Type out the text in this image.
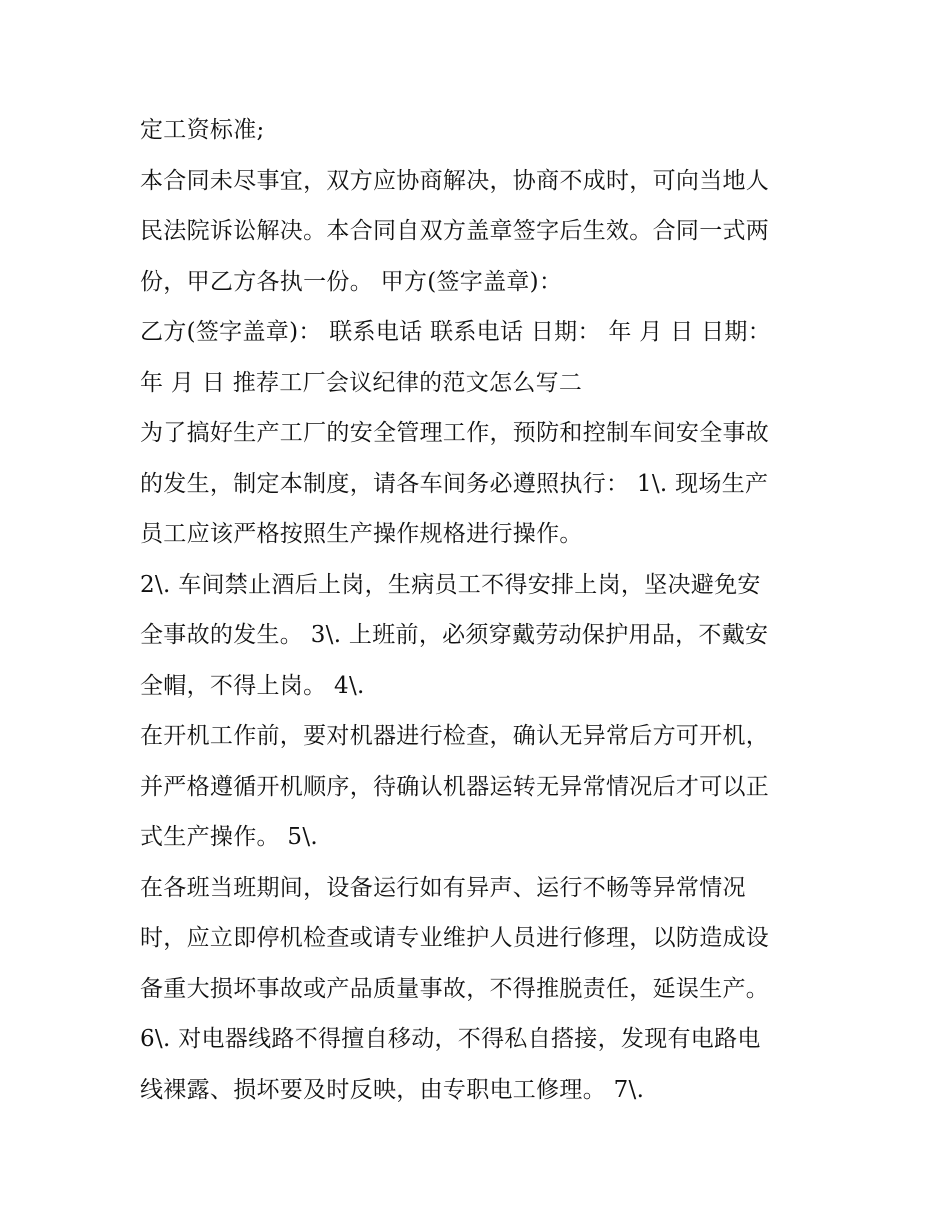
定工资标准;
本合同未尽事宜，双方应协商解决，协商不成时，可向当地人
民法院诉讼解决。本合同自双方盖章签字后生效。合同一式两
份，甲乙方各执一份。 甲方(签字盖章)：
乙方(签字盖章)： 联系电话 联系电话 日期： 年 月 日 日期：
年 月 日 推荐工厂会议纪律的范文怎么写二
为了搞好生产工厂的安全管理工作，预防和控制车间安全事故
的发生，制定本制度，请各车间务必遵照执行： 1\. 现场生产
员工应该严格按照生产操作规格进行操作。
2\. 车间禁止酒后上岗，生病员工不得安排上岗，坚决避免安
全事故的发生。 3\. 上班前，必须穿戴劳动保护用品，不戴安
全帽，不得上岗。 4\.
在开机工作前，要对机器进行检查，确认无异常后方可开机，
并严格遵循开机顺序，待确认机器运转无异常情况后才可以正
式生产操作。 5\.
在各班当班期间，设备运行如有异声、运行不畅等异常情况
时，应立即停机检查或请专业维护人员进行修理，以防造成设
备重大损坏事故或产品质量事故，不得推脱责任，延误生产。
6\. 对电器线路不得擅自移动，不得私自搭接，发现有电路电
线裸露、损坏要及时反映，由专职电工修理。 7\.
